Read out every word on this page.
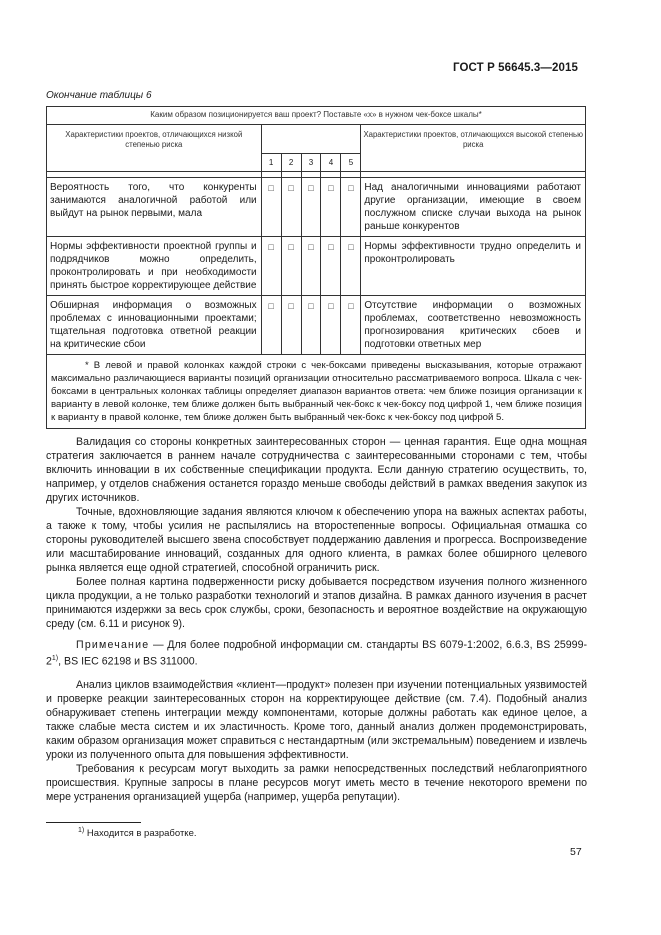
ГОСТ Р 56645.3—2015
Окончание таблицы 6
Каким образом позиционируется ваш проект? Поставьте «x» в нужном чек-боксе шкалы*						
Характеристики проектов, отличающихся низкой степенью риска						Характеристики проектов, отличающихся высокой степенью риска
	1	2	3	4	5	

Вероятность того, что конкуренты занимаются аналогичной работой или выйдут на рынок первыми, мала	□	□	□	□	□	Над аналогичными инновациями работают другие организации, имеющие в своем послужном списке случаи выхода на рынок раньше конкурентов
Нормы эффективности проектной группы и подрядчиков можно определить, проконтролировать и при необходимости принять быстрое корректирующее действие	□	□	□	□	□	Нормы эффективности трудно определить и проконтролировать
Обширная информация о возможных проблемах с инновационными проектами; тщательная подготовка ответной реакции на критические сбои	□	□	□	□	□	Отсутствие информации о возможных проблемах, соответственно невозможность прогнозирования критических сбоев и подготовки ответных мер
* В левой и правой колонках каждой строки с чек-боксами приведены высказывания, которые отражают максимально различающиеся варианты позиций организации относительно рассматриваемого вопроса. Шкала с чек-боксами в центральных колонках таблицы определяет диапазон вариантов ответа: чем ближе позиция организации к варианту в левой колонке, тем ближе должен быть выбранный чек-бокс к чек-боксу под цифрой 1, чем ближе позиция к варианту в правой колонке, тем ближе должен быть выбранный чек-бокс к чек-боксу под цифрой 5.						

Валидация со стороны конкретных заинтересованных сторон — ценная гарантия. Еще одна мощная стратегия заключается в раннем начале сотрудничества с заинтересованными сторонами с тем, чтобы включить инновации в их собственные спецификации продукта. Если данную стратегию осуществить, то, например, у отделов снабжения останется гораздо меньше свободы действий в рамках введения закупок из других источников.

Точные, вдохновляющие задания являются ключом к обеспечению упора на важных аспектах работы, а также к тому, чтобы усилия не распылялись на второстепенные вопросы. Официальная отмашка со стороны руководителей высшего звена способствует поддержанию давления и прогресса. Воспроизведение или масштабирование инноваций, созданных для одного клиента, в рамках более обширного целевого рынка является еще одной стратегией, способной ограничить риск.

Более полная картина подверженности риску добывается посредством изучения полного жизненного цикла продукции, а не только разработки технологий и этапов дизайна. В рамках данного изучения в расчет принимаются издержки за весь срок службы, сроки, безопасность и вероятное воздействие на окружающую среду (см. 6.11 и рисунок 9).

Примечание — Для более подробной информации см. стандарты BS 6079-1:2002, 6.6.3, BS 25999-2$^{1)}$, BS IEC 62198 и BS 311000.

Анализ циклов взаимодействия «клиент—продукт» полезен при изучении потенциальных уязвимостей и проверке реакции заинтересованных сторон на корректирующее действие (см. 7.4). Подобный анализ обнаруживает степень интеграции между компонентами, которые должны работать как единое целое, а также слабые места систем и их эластичность. Кроме того, данный анализ должен продемонстрировать, каким образом организация может справиться с нестандартным (или экстремальным) поведением и извлечь уроки из полученного опыта для повышения эффективности.

Требования к ресурсам могут выходить за рамки непосредственных последствий неблагоприятного происшествия. Крупные запросы в плане ресурсов могут иметь место в течение некоторого времени по мере устранения организацией ущерба (например, ущерба репутации).

$^{1)}$ Находится в разработке.
57
